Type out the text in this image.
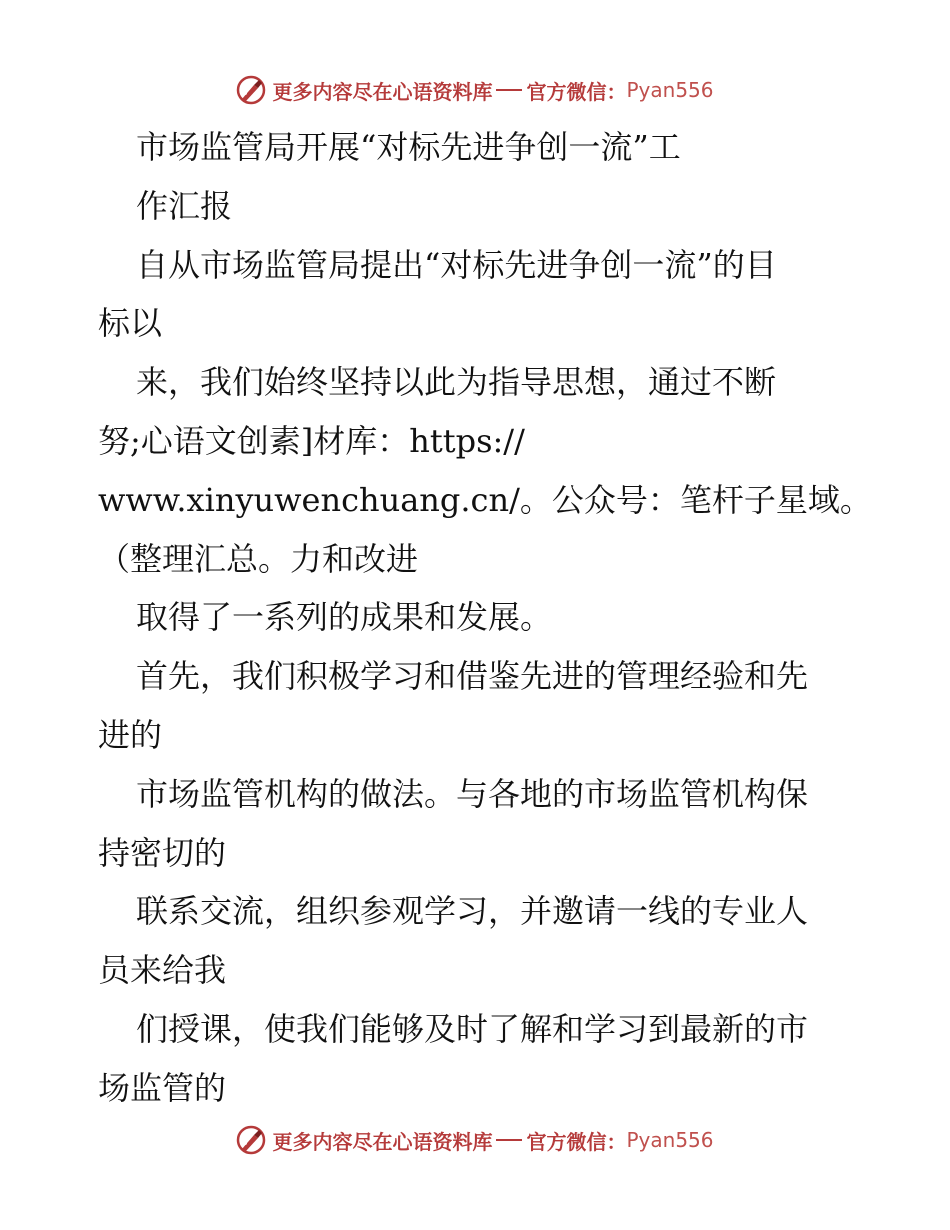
更多内容尽在心语资料库 官方微信： Pyan556
市场监管局开展“对标先进争创一流”工
作汇报
自从市场监管局提出“对标先进争创一流”的目
标以
来，我们始终坚持以此为指导思想，通过不断
努;心语文创素]材库：https://
www.xinyuwenchuang.cn/。公众号：笔杆子星域。
（整理汇总。力和改进
取得了一系列的成果和发展。
首先，我们积极学习和借鉴先进的管理经验和先
进的
市场监管机构的做法。与各地的市场监管机构保
持密切的
联系交流，组织参观学习，并邀请一线的专业人
员来给我
们授课，使我们能够及时了解和学习到最新的市
场监管的
更多内容尽在心语资料库 官方微信： Pyan556
